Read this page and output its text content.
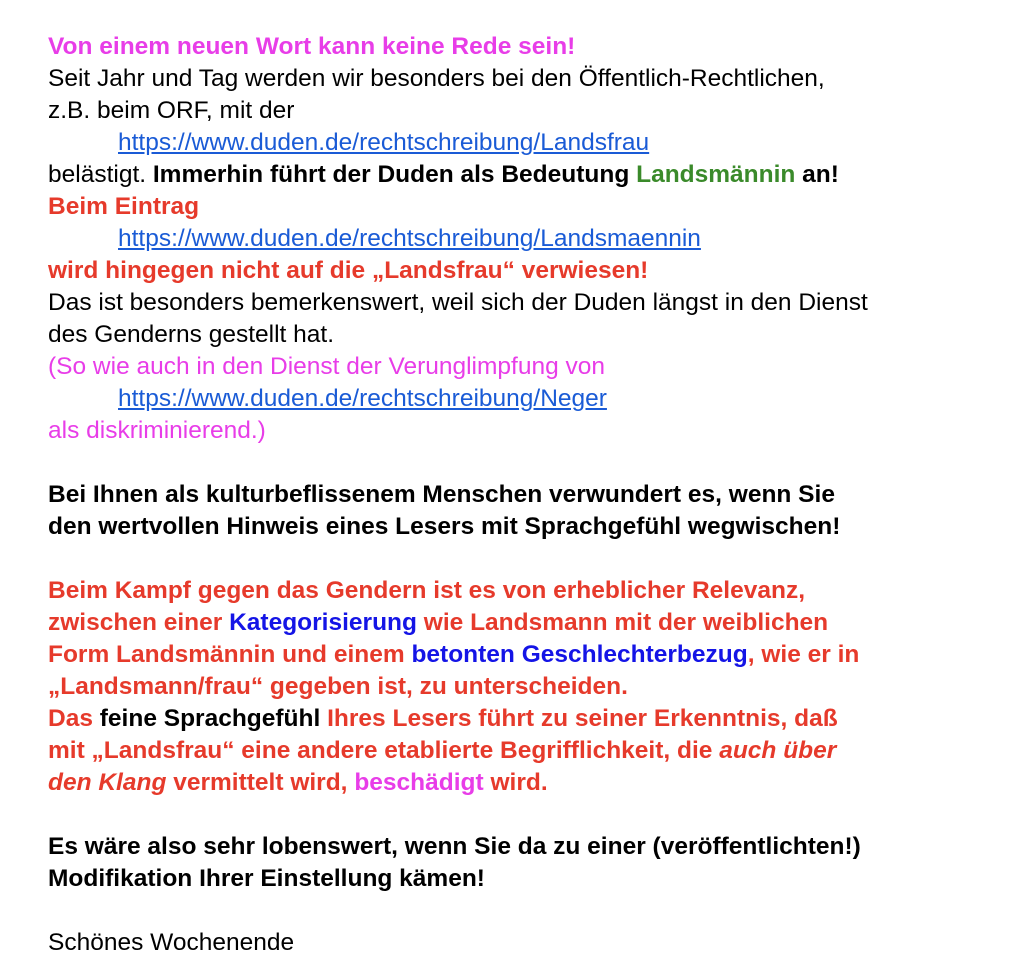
Von einem neuen Wort kann keine Rede sein!
Seit Jahr und Tag werden wir besonders bei den Öffentlich-Rechtlichen,
z.B. beim ORF, mit der
https://www.duden.de/rechtschreibung/Landsfrau
belästigt. Immerhin führt der Duden als Bedeutung Landsmännin an!
Beim Eintrag
https://www.duden.de/rechtschreibung/Landsmaennin
wird hingegen nicht auf die „Landsfrau“ verwiesen!
Das ist besonders bemerkenswert, weil sich der Duden längst in den Dienst
des Genderns gestellt hat.
(So wie auch in den Dienst der Verunglimpfung von
https://www.duden.de/rechtschreibung/Neger
als diskriminierend.)
Bei Ihnen als kulturbeflissenem Menschen verwundert es, wenn Sie
den wertvollen Hinweis eines Lesers mit Sprachgefühl wegwischen!
Beim Kampf gegen das Gendern ist es von erheblicher Relevanz,
zwischen einer Kategorisierung wie Landsmann mit der weiblichen
Form Landsmännin und einem betonten Geschlechterbezug, wie er in
„Landsmann/frau“ gegeben ist, zu unterscheiden.
Das feine Sprachgefühl Ihres Lesers führt zu seiner Erkenntnis, daß
mit „Landsfrau“ eine andere etablierte Begrifflichkeit, die auch über
den Klang vermittelt wird, beschädigt wird.
Es wäre also sehr lobenswert, wenn Sie da zu einer (veröffentlichten!)
Modifikation Ihrer Einstellung kämen!
Schönes Wochenende
